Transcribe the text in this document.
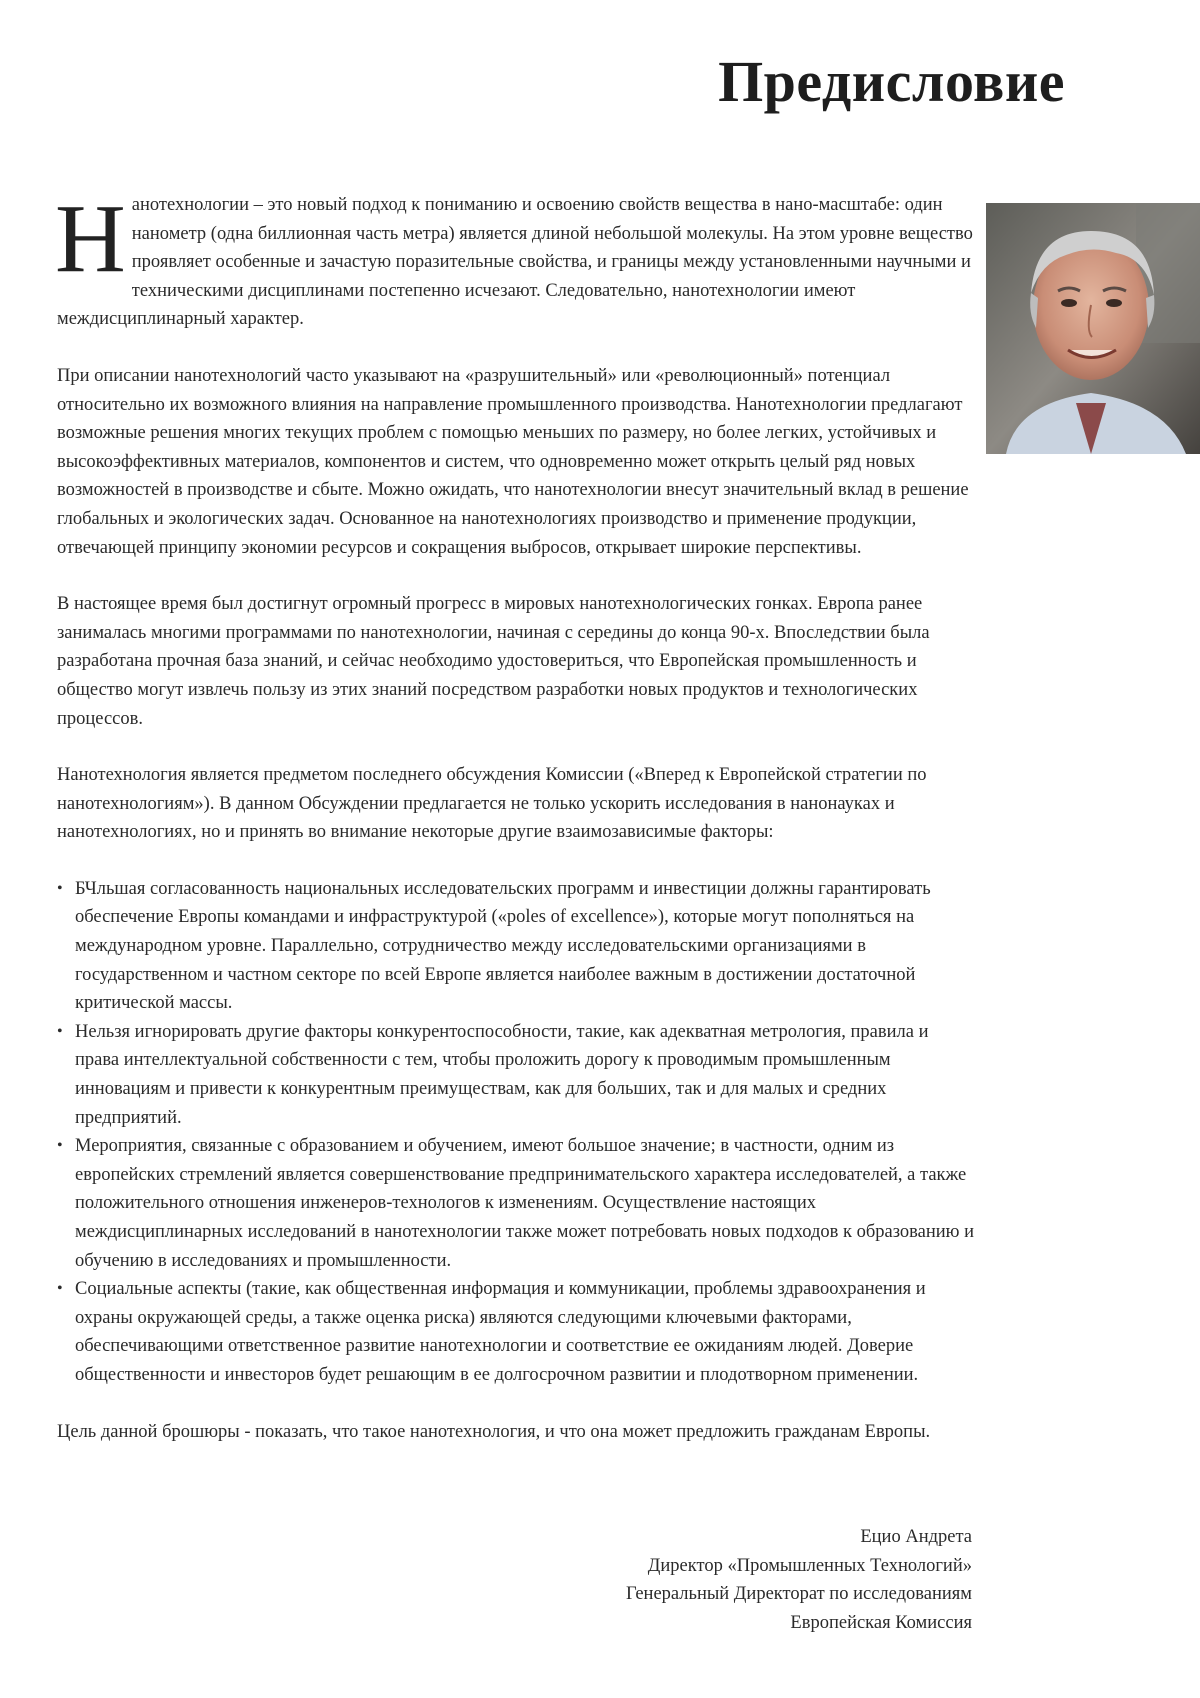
Предисловие

Нанотехнологии – это новый подход к пониманию и освоению свойств вещества в нано-масштабе: один нанометр (одна биллионная часть метра) является длиной небольшой молекулы. На этом уровне вещество проявляет особенные и зачастую поразительные свойства, и границы между установленными научными и техническими дисциплинами постепенно исчезают. Следовательно, нанотехнологии имеют междисциплинарный характер.

При описании нанотехнологий часто указывают на «разрушительный» или «революционный» потенциал относительно их возможного влияния на направление промышленного производства. Нанотехнологии предлагают возможные решения многих текущих проблем с помощью меньших по размеру, но более легких, устойчивых и высокоэффективных материалов, компонентов и систем, что одновременно может открыть целый ряд новых возможностей в производстве и сбыте. Можно ожидать, что нанотехнологии внесут значительный вклад в решение глобальных и экологических задач. Основанное на нанотехнологиях производство и применение продукции, отвечающей принципу экономии ресурсов и сокращения выбросов, открывает широкие перспективы.

В настоящее время был достигнут огромный прогресс в мировых нанотехнологических гонках. Европа ранее занималась многими программами по нанотехнологии, начиная с середины до конца 90-х. Впоследствии была разработана прочная база знаний, и сейчас необходимо удостовериться, что Европейская промышленность и общество могут извлечь пользу из этих знаний посредством разработки новых продуктов и технологических процессов.

Нанотехнология является предметом последнего обсуждения Комиссии («Вперед к Европейской стратегии по нанотехнологиям»). В данном Обсуждении предлагается не только ускорить исследования в нанонауках и нанотехнологиях, но и принять во внимание некоторые другие взаимозависимые факторы:

• БЧльшая согласованность национальных исследовательских программ и инвестиции должны гарантировать обеспечение Европы командами и инфраструктурой («poles of excellence»), которые могут пополняться на международном уровне. Параллельно, сотрудничество между исследовательскими организациями в государственном и частном секторе по всей Европе является наиболее важным в достижении достаточной критической массы.
• Нельзя игнорировать другие факторы конкурентоспособности, такие, как адекватная метрология, правила и права интеллектуальной собственности с тем, чтобы проложить дорогу к проводимым промышленным инновациям и привести к конкурентным преимуществам, как для больших, так и для малых и средних предприятий.
• Мероприятия, связанные с образованием и обучением, имеют большое значение; в частности, одним из европейских стремлений является совершенствование предпринимательского характера исследователей, а также положительного отношения инженеров-технологов к изменениям. Осуществление настоящих междисциплинарных исследований в нанотехнологии также может потребовать новых подходов к образованию и обучению в исследованиях и промышленности.
• Социальные аспекты (такие, как общественная информация и коммуникации, проблемы здравоохранения и охраны окружающей среды, а также оценка риска) являются следующими ключевыми факторами, обеспечивающими ответственное развитие нанотехнологии и соответствие ее ожиданиям людей. Доверие общественности и инвесторов будет решающим в ее долгосрочном развитии и плодотворном применении.

Цель данной брошюры - показать, что такое нанотехнология, и что она может предложить гражданам Европы.

Ецио Андрета
Директор «Промышленных Технологий»
Генеральный Директорат по исследованиям
Европейская Комиссия
